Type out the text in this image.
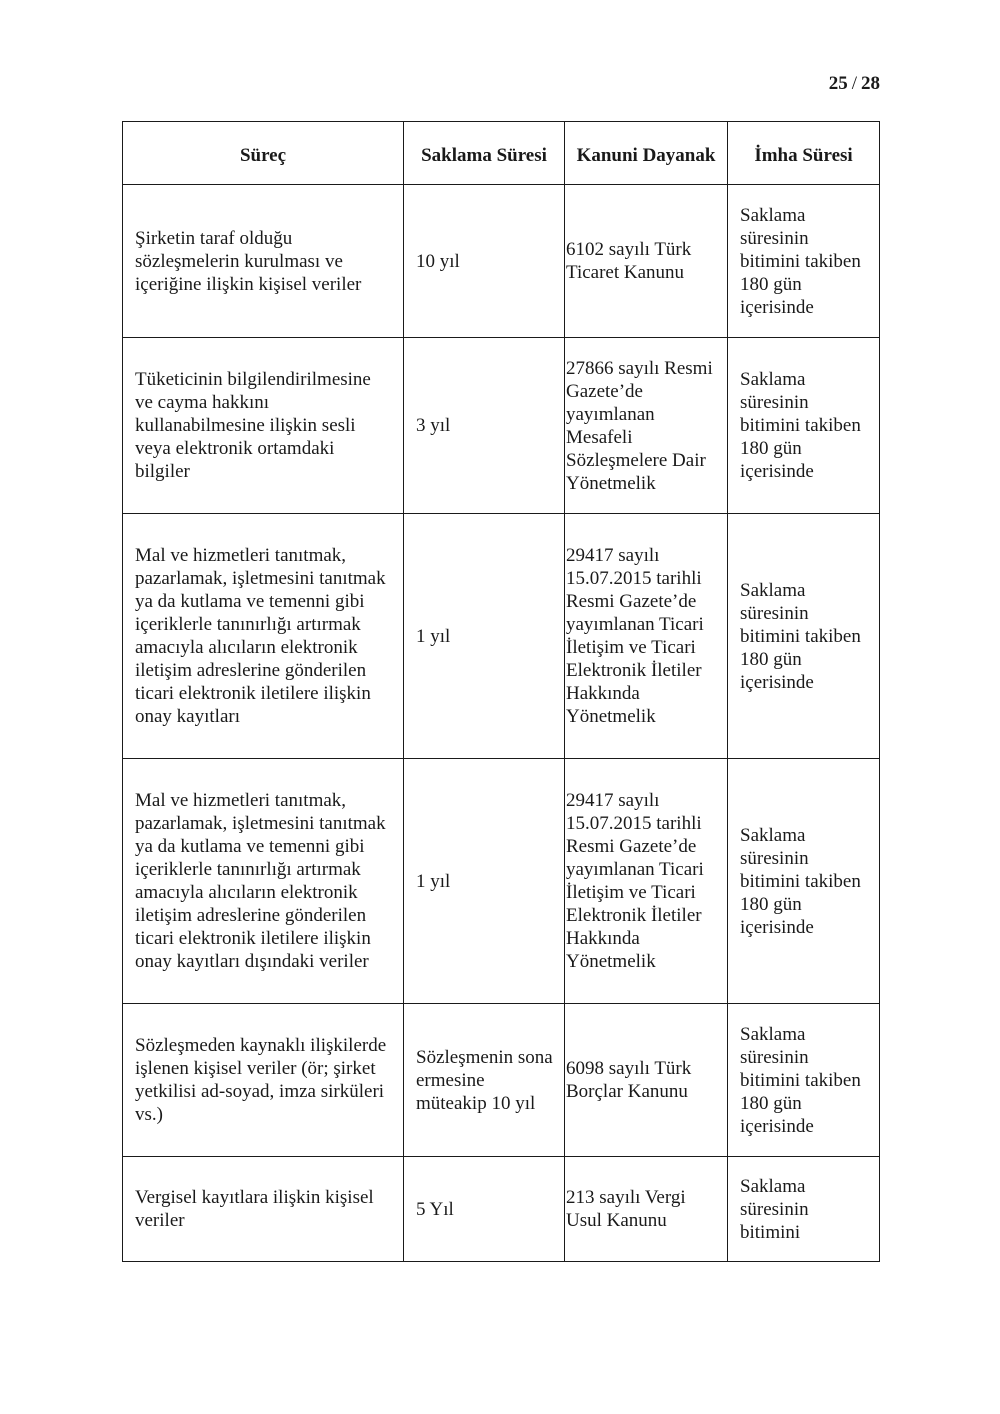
25 / 28
Süreç	Saklama Süresi	Kanuni Dayanak	İmha Süresi
Şirketin taraf olduğu sözleşmelerin kurulması ve içeriğine ilişkin kişisel veriler	10 yıl	6102 sayılı Türk Ticaret Kanunu	Saklama süresinin bitimini takiben 180 gün içerisinde
Tüketicinin bilgilendirilmesine ve cayma hakkını kullanabilmesine ilişkin sesli veya elektronik ortamdaki bilgiler	3 yıl	27866 sayılı Resmi Gazete’de yayımlanan Mesafeli Sözleşmelere Dair Yönetmelik	Saklama süresinin bitimini takiben 180 gün içerisinde
Mal ve hizmetleri tanıtmak, pazarlamak, işletmesini tanıtmak ya da kutlama ve temenni gibi içeriklerle tanınırlığı artırmak amacıyla alıcıların elektronik iletişim adreslerine gönderilen ticari elektronik iletilere ilişkin onay kayıtları	1 yıl	29417 sayılı 15.07.2015 tarihli Resmi Gazete’de yayımlanan Ticari İletişim ve Ticari Elektronik İletiler Hakkında Yönetmelik	Saklama süresinin bitimini takiben 180 gün içerisinde
Mal ve hizmetleri tanıtmak, pazarlamak, işletmesini tanıtmak ya da kutlama ve temenni gibi içeriklerle tanınırlığı artırmak amacıyla alıcıların elektronik iletişim adreslerine gönderilen ticari elektronik iletilere ilişkin onay kayıtları dışındaki veriler	1 yıl	29417 sayılı 15.07.2015 tarihli Resmi Gazete’de yayımlanan Ticari İletişim ve Ticari Elektronik İletiler Hakkında Yönetmelik	Saklama süresinin bitimini takiben 180 gün içerisinde
Sözleşmeden kaynaklı ilişkilerde işlenen kişisel veriler (ör; şirket yetkilisi ad-soyad, imza sirküleri vs.)	Sözleşmenin sona ermesine müteakip 10 yıl	6098 sayılı Türk Borçlar Kanunu	Saklama süresinin bitimini takiben 180 gün içerisinde
Vergisel kayıtlara ilişkin kişisel veriler	5 Yıl	213 sayılı Vergi Usul Kanunu	Saklama süresinin bitimini
